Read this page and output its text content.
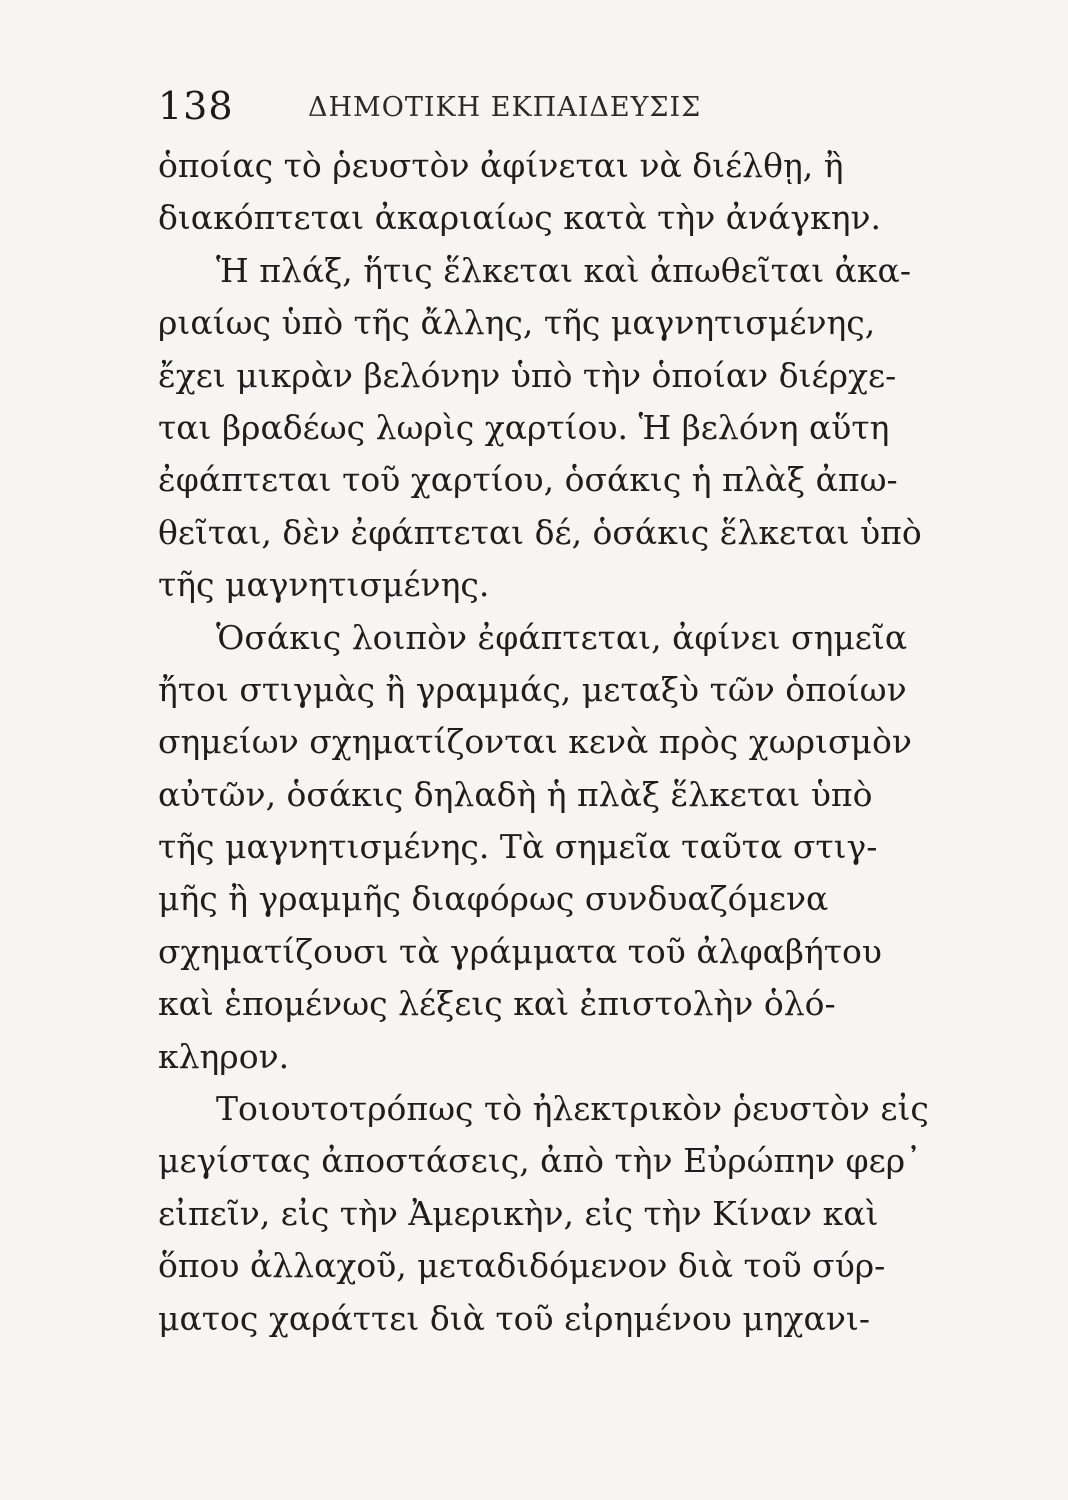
138	ΔΗΜΟΤΙΚΗ ΕΚΠΑΙΔΕΥΣΙΣ
ὁποίας τὸ ῥευστὸν ἀφίνεται νὰ διέλθῃ, ἢ
διακόπτεται ἀκαριαίως κατὰ τὴν ἀνάγκην.
Ἡ πλάξ, ἥτις ἕλκεται καὶ ἀπωθεῖται ἀκα-
ριαίως ὑπὸ τῆς ἄλλης, τῆς μαγνητισμένης,
ἔχει μικρὰν βελόνην ὑπὸ τὴν ὁποίαν διέρχε-
ται βραδέως λωρὶς χαρτίου. Ἡ βελόνη αὕτη
ἐφάπτεται τοῦ χαρτίου, ὁσάκις ἡ πλὰξ ἀπω-
θεῖται, δὲν ἐφάπτεται δέ, ὁσάκις ἕλκεται ὑπὸ
τῆς μαγνητισμένης.
Ὁσάκις λοιπὸν ἐφάπτεται, ἀφίνει σημεῖα
ἤτοι στιγμὰς ἢ γραμμάς, μεταξὺ τῶν ὁποίων
σημείων σχηματίζονται κενὰ πρὸς χωρισμὸν
αὐτῶν, ὁσάκις δηλαδὴ ἡ πλὰξ ἕλκεται ὑπὸ
τῆς μαγνητισμένης. Τὰ σημεῖα ταῦτα στιγ-
μῆς ἢ γραμμῆς διαφόρως συνδυαζόμενα
σχηματίζουσι τὰ γράμματα τοῦ ἀλφαβήτου
καὶ ἑπομένως λέξεις καὶ ἐπιστολὴν ὁλό-
κληρον.
Τοιουτοτρόπως τὸ ἠλεκτρικὸν ῥευστὸν εἰς
μεγίστας ἀποστάσεις, ἀπὸ τὴν Εὐρώπην φερ᾽
εἰπεῖν, εἰς τὴν Ἀμερικὴν, εἰς τὴν Κίναν καὶ
ὅπου ἀλλαχοῦ, μεταδιδόμενον διὰ τοῦ σύρ-
ματος χαράττει διὰ τοῦ εἰρημένου μηχανι-
